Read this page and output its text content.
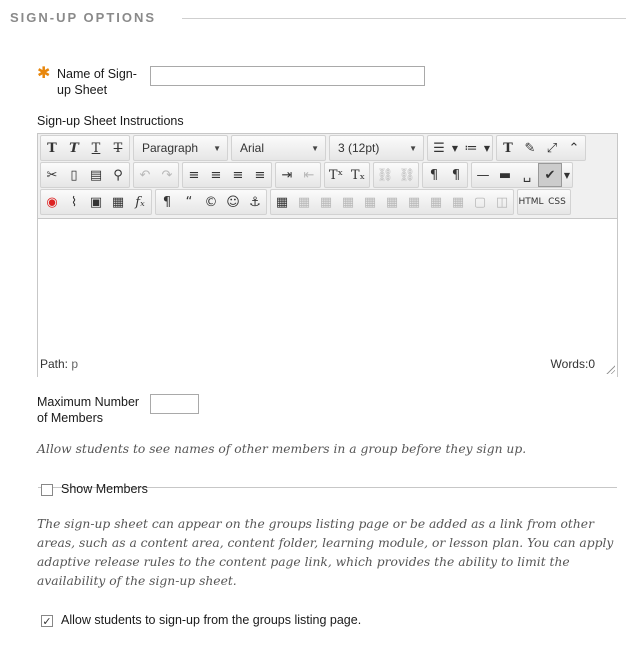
SIGN-UP OPTIONS
✱ Name of Sign-
up Sheet
Sign-up Sheet Instructions
T T T	T	Paragraph ▼ Arial	▼ 3 (12pt)	▼	☰ ▼ ≔ ▼	T ✎ ⤢ ⌃
✂ ▯ ▤ ⚲	↶ ↷	≡ ≡ ≡ ≡	⇥ ⇤	Tˣ Tₓ ⛓ ⛓	¶	¶	— ▬ ␣	✔	▼
◉	⌇ ▣ ▦ fₓ	¶	“ © ☺ ⚓	▦ ▦ ▦ ▦ ▦ ▦ ▦ ▦ ▦ ▢ ◫	HTML CSS
Path: p	Words:0
Maximum Number
of Members
Allow students to see names of other members in a group before they sign up.
Show Members
The sign-up sheet can appear on the groups listing page or be added as a link from other
areas, such as a content area, content folder, learning module, or lesson plan. You can apply
adaptive release rules to the content page link, which provides the ability to limit the
availability of the sign-up sheet.
✓ Allow students to sign-up from the groups listing page.
